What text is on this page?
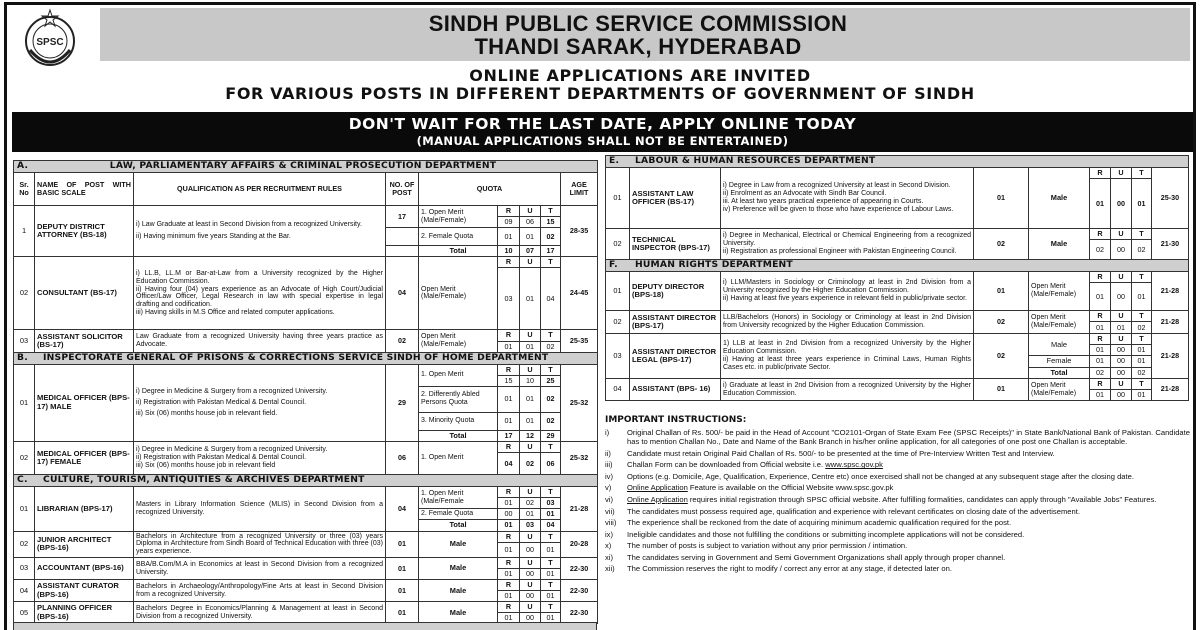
SPSC
SINDH PUBLIC SERVICE COMMISSION
THANDI SARAK, HYDERABAD
ONLINE APPLICATIONS ARE INVITED
FOR VARIOUS POSTS IN DIFFERENT DEPARTMENTS OF GOVERNMENT OF SINDH
DON'T WAIT FOR THE LAST DATE, APPLY ONLINE TODAY
(MANUAL APPLICATIONS SHALL NOT BE ENTERTAINED)
A. LAW, PARLIAMENTARY AFFAIRS & CRIMINAL PROSECUTION DEPARTMENT								
Sr. No	NAME OF POST WITH BASIC SCALE	QUALIFICATION AS PER RECRUITMENT RULES	NO. OF POST	QUOTA				AGE LIMIT
1	DEPUTY DISTRICT ATTORNEY (BS-18)	i) Law Graduate at least in Second Division from a recognized University.
ii) Having minimum five years Standing at the Bar.	17	1. Open Merit (Male/Female)	R	U	T	28-35
					09	06	15	
				2. Female Quota	01	01	02	
				Total	10	07	17	
02	CONSULTANT (BS-17)	i) LL.B, LL.M or Bar-at-Law from a University recognized by the Higher Education Commission.
ii) Having four (04) years experience as an Advocate of High Court/Judicial Officer/Law Officer, Legal Research in law with special expertise in legal drafting and codification.
iii) Having skills in M.S Office and related computer applications.	04	Open Merit (Male/Female)	R	U	T	24-45
					03	01	04	
03	ASSISTANT SOLICITOR (BS-17)	Law Graduate from a recognized University having three years practice as Advocate.	02	Open Merit (Male/Female)	R	U	T	25-35
					01	01	02	
B. INSPECTORATE GENERAL OF PRISONS & CORRECTIONS SERVICE SINDH OF HOME DEPARTMENT								
01	MEDICAL OFFICER (BPS-17) MALE	i) Degree in Medicine & Surgery from a recognized University.
ii) Registration with Pakistan Medical & Dental Council.
iii) Six (06) months house job in relevant field.	29	1. Open Merit	R	U	T	25-32
					15	10	25	
				2. Differently Abled Persons Quota	01	01	02	
				3. Minority Quota	01	01	02	
				Total	17	12	29	

02	MEDICAL OFFICER (BPS-17) FEMALE	i) Degree in Medicine & Surgery from a recognized University.
ii) Registration with Pakistan Medical & Dental Council.
iii) Six (06) months house job in relevant field	06	1. Open Merit	R	U	T	25-32
					04	02	06	
C. CULTURE, TOURISM, ANTIQUITIES & ARCHIVES DEPARTMENT								
01	LIBRARIAN (BPS-17)	Masters in Library Information Science (MLIS) in Second Division from a recognized University.	04	1. Open Merit (Male/Female	R	U	T	21-28
					01	02	03	
				2. Female Quota	00	01	01	
				Total	01	03	04	
02	JUNIOR ARCHITECT (BPS-16)	Bachelors in Architecture from a recognized University or three (03) years Diploma in Architecture from Sindh Board of Technical Education with three (03) years experience.	01	Male	R	U	T	20-28
					01	00	01	
03	ACCOUNTANT (BPS-16)	BBA/B.Com/M.A in Economics at least in Second Division from a recognized University.	01	Male	R	U	T	22-30
					01	00	01	
04	ASSISTANT CURATOR (BPS-16)	Bachelors in Archaeology/Anthropology/Fine Arts at least in Second Division from a recognized University.	01	Male	R	U	T	22-30
					01	00	01	
05	PLANNING OFFICER (BPS-16)	Bachelors Degree in Economics/Planning & Management at least in Second Division from a recognized University.	01	Male	R	U	T	22-30
					01	00	01	
E. LABOUR & HUMAN RESOURCES DEPARTMENT								
01	ASSISTANT LAW OFFICER (BS-17)	i) Degree in Law from a recognized University at least in Second Division.
ii) Enrolment as an Advocate with Sindh Bar Council.
iii. At least two years practical experience of appearing in Courts.
iv) Preference will be given to those who have experience of Labour Laws.	01	Male	R	U	T	25-30
					01	00	01	
02	TECHNICAL INSPECTOR (BPS-17)	i) Degree in Mechanical, Electrical or Chemical Engineering from a recognized University.
ii) Registration as professional Engineer with Pakistan Engineering Council.	02	Male	R	U	T	21-30
					02	00	02	
F. HUMAN RIGHTS DEPARTMENT								
01	DEPUTY DIRECTOR (BPS-18)	i) LLM/Masters in Sociology or Criminology at least in 2nd Division from a University recognized by the Higher Education Commission.
ii) Having at least five years experience in relevant field in public/private sector.	01	Open Merit (Male/Female)	R	U	T	21-28
					01	00	01	
02	ASSISTANT DIRECTOR (BPS-17)	LLB/Bachelors (Honors) in Sociology or Criminology at least in 2nd Division from University recognized by the Higher Education Commission.	02	Open Merit (Male/Female)	R	U	T	21-28
					01	01	02	
03	ASSISTANT DIRECTOR LEGAL (BPS-17)	1) LLB at least in 2nd Division from a recognized University by the Higher Education Commission.
ii) Having at least three years experience in Criminal Laws, Human Rights Cases etc. in public/private Sector.	02	Male	R	U	T	21-28
					01	00	01	
				Female	01	00	01	
				Total	02	00	02	

04	ASSISTANT (BPS- 16)	i) Graduate at least in 2nd Division from a recognized University by the Higher Education Commission.	01	Open Merit (Male/Female)	R	U	T	21-28
					01	00	01	
IMPORTANT INSTRUCTIONS:
i)	Original Challan of Rs. 500/- be paid in the Head of Account "CO2101-Organ of State Exam Fee (SPSC Receipts)" in State Bank/National Bank of Pakistan. Candidate has to mention Challan No., Date and Name of the Bank Branch in his/her online application, for all categories of one post one Challan is acceptable.
ii)	Candidate must retain Original Paid Challan of Rs. 500/- to be presented at the time of Pre-Interview Written Test and Interview.
iii)	Challan Form can be downloaded from Official website i.e. www.spsc.gov.pk
iv)	Options (e.g. Domicile, Age, Qualification, Experience, Centre etc) once exercised shall not be changed at any subsequent stage after the closing date.
v)	Online Application Feature is available on the Official Website www.spsc.gov.pk
vi)	Online Application requires initial registration through SPSC official website. After fulfilling formalities, candidates can apply through "Available Jobs" Features.
vii)	The candidates must possess required age, qualification and experience with relevant certificates on closing date of the advertisement.
viii)	The experience shall be reckoned from the date of acquiring minimum academic qualification required for the post.
ix)	Ineligible candidates and those not fulfilling the conditions or submitting incomplete applications will not be considered.
x)	The number of posts is subject to variation without any prior permission / intimation.
xi)	The candidates serving in Government and Semi Government Organizations shall apply through proper channel.
xii)	The Commission reserves the right to modify / correct any error at any stage, if detected later on.
